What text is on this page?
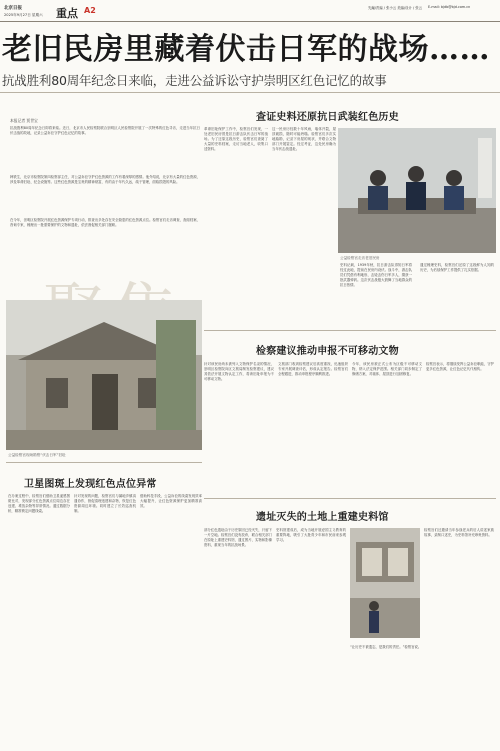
北京日报
2025年9月27日 星期六 重点 A2	先編/责编 / 张小云 美编/设计 / 张云 E-mail: bjdb@bjd.com.cn
老旧民房里藏着伏击日军的战场……
抗战胜利80周年纪念日来临，走进公益诉讼守护崇明区红色记忆的故事
本报记者 贾世宝
抗战胜利80周年纪念日即将来临。近日，北京市人民检察院联合崇明区人民检察院开展了一次特殊的红色寻访，走进当年抗日伏击战的故地，记录公益诉讼守护红色记忆的故事。
韩铁生，北京市检察院第四检察部主任，对公益诉讼守护红色资源的工作有着深厚的感情。他介绍说，北京有大量的红色资源，涉及革命旧址、纪念设施等。这些红色资源是宝贵的精神财富，有的由于年代久远，疏于管理，面临损毁的风险。
在今年，崇明区检察院开展红色资源保护专项行动，排查出多处存在安全隐患的红色资源点位。检察官们走访调查、查阅档案、咨询专家，梳理出一批需要保护的文物和遗址，依法督促相关部门履职。
公益检察官现场勘察“伏击日军”旧址
查证史料还原抗日武装红色历史
革命旧址保护工作中，检察官们发现，一处老旧民房曾是抗日游击队伏击日军的战场。为了还原这段历史，检察官们查阅了大量的史料档案，走访当地老人，收集口述资料。
这一民房历经数十年风雨，墙体开裂，屋顶破损，随时可能坍塌。检察官们多次实地踏勘，记录下房屋的现状，并联合文物部门开展鉴定。经过考证，这处民房确为当年伏击战遗址。
公益检察官走访老旧民房
史料记载，1939年秋，抗日游击队得知日军将经过此地，提前在民房内设伏。战斗中，游击队员们凭借有利地形，击毙击伤日军多人，缴获一批武器弹药。这次伏击战极大鼓舞了当地群众的抗日热情。
通过梳理史料，检察官们还原了这段鲜为人知的历史，为后续保护工作提供了扎实依据。
检察建议推动申报不可移动文物
针对该民房尚未被列入文物保护名录的情况，崇明区检察院向区文旅局制发检察建议，建议其依法开展文物认定工作，将该旧址申报为不可移动文物。
文旅部门收到检察建议后高度重视，迅速组织专家开展调查评估，形成认定报告。检察官们全程跟进，推动申报程序顺利推进。
今年，该民房被正式公布为区级不可移动文物，纳入法定保护范围。相关部门同步制定了修缮方案，对墙体、屋顶进行加固修复。
检察官表示，将继续发挥公益诉讼职能，守护更多红色资源，让红色记忆代代相传。
卫星图斑上发现红色点位异常
在办案过程中，检察官们借助卫星遥感图斑比对，发现部分红色资源点位周边存在违建、堆放杂物等异常情况。通过数据分析，精准锁定问题线索。
针对发现的问题，检察官们与属地乡镇沟通协作，督促清理违建和杂物，恢复红色资源周边环境。同时建立了长效巡查机制。
借助科技手段，公益诉讼的线索发现效率大幅提升，让红色资源保护更加精准高效。
遗址灭失的土地上重建史料馆
部分红色遗址由于历史原因已经灭失，只留下一片空地。检察官们没有放弃，联合相关部门在原址上重建史料馆，通过图片、实物和影像资料，重现当年的抗战场景。
史料馆建成后，成为当地开展爱国主义教育的重要阵地，吸引了大批青少年和市民前来参观学习。
检察官们还邀请当年参战老兵的后人讲述家族故事，录制口述史，为史料馆补充珍贵资料。
“让历史不被遗忘，是我们的责任。”检察官说。
